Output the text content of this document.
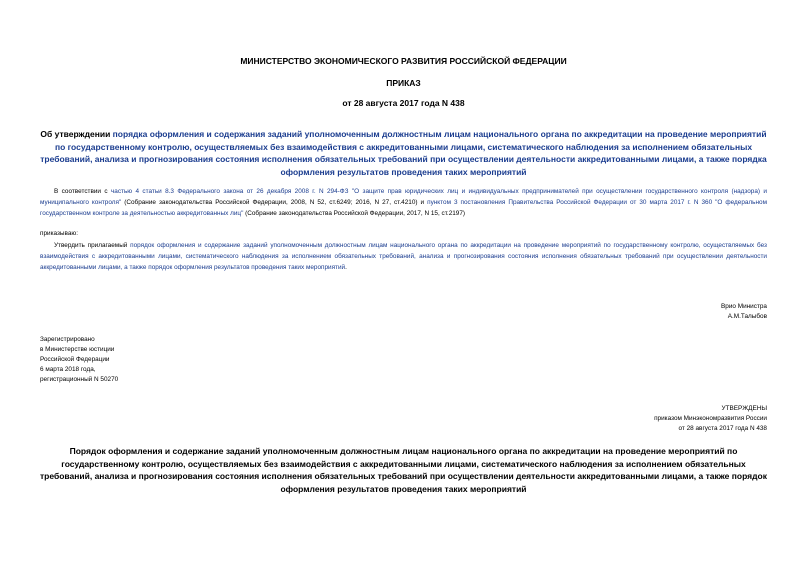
МИНИСТЕРСТВО ЭКОНОМИЧЕСКОГО РАЗВИТИЯ РОССИЙСКОЙ ФЕДЕРАЦИИ
ПРИКАЗ
от 28 августа 2017 года N 438
Об утверждении порядка оформления и содержания заданий уполномоченным должностным лицам национального органа по аккредитации на проведение мероприятий по государственному контролю, осуществляемых без взаимодействия с аккредитованными лицами, систематического наблюдения за исполнением обязательных требований, анализа и прогнозирования состояния исполнения обязательных требований при осуществлении деятельности аккредитованными лицами, а также порядка оформления результатов проведения таких мероприятий
В соответствии с частью 4 статьи 8.3 Федерального закона от 26 декабря 2008 г. N 294-ФЗ "О защите прав юридических лиц и индивидуальных предпринимателей при осуществлении государственного контроля (надзора) и муниципального контроля" (Собрание законодательства Российской Федерации, 2008, N 52, ст.6249; 2016, N 27, ст.4210) и пунктом 3 постановления Правительства Российской Федерации от 30 марта 2017 г. N 360 "О федеральном государственном контроле за деятельностью аккредитованных лиц" (Собрание законодательства Российской Федерации, 2017, N 15, ст.2197)
приказываю:
Утвердить прилагаемый порядок оформления и содержание заданий уполномоченным должностным лицам национального органа по аккредитации на проведение мероприятий по государственному контролю, осуществляемых без взаимодействия с аккредитованными лицами, систематического наблюдения за исполнением обязательных требований, анализа и прогнозирования состояния исполнения обязательных требований при осуществлении деятельности аккредитованными лицами, а также порядок оформления результатов проведения таких мероприятий.
Врио Министра
А.М.Талыбов
Зарегистрировано
в Министерстве юстиции
Российской Федерации
6 марта 2018 года,
регистрационный N 50270
УТВЕРЖДЕНЫ
приказом Минэкономразвития России
от 28 августа 2017 года N 438
Порядок оформления и содержание заданий уполномоченным должностным лицам национального органа по аккредитации на проведение мероприятий по государственному контролю, осуществляемых без взаимодействия с аккредитованными лицами, систематического наблюдения за исполнением обязательных требований, анализа и прогнозирования состояния исполнения обязательных требований при осуществлении деятельности аккредитованными лицами, а также порядок оформления результатов проведения таких мероприятий
